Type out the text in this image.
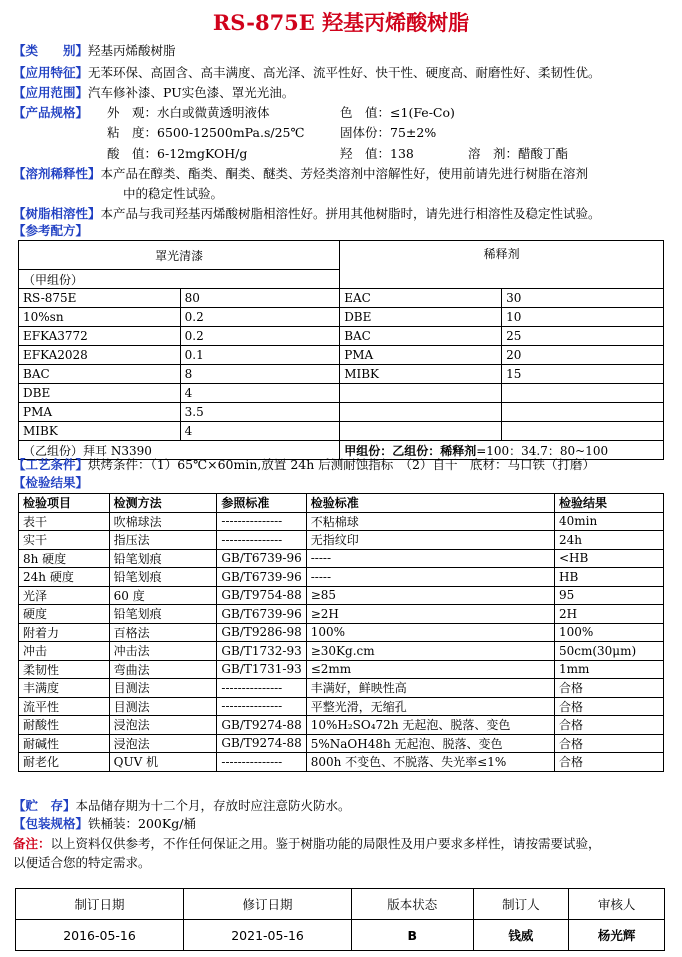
RS-875E 羟基丙烯酸树脂
【类　　别】羟基丙烯酸树脂
【应用特征】无苯环保、高固含、高丰满度、高光泽、流平性好、快干性、硬度高、耐磨性好、柔韧性优。
【应用范围】汽车修补漆、PU实色漆、罩光光油。
【产品规格】 外　观：水白或微黄透明液体	色　值：≤1(Fe-Co)
粘　度：6500-12500mPa.s/25℃	固体份：75±2%
酸　值：6-12mgKOH/g	羟　值：138	溶　剂：醋酸丁酯
【溶剂稀释性】本产品在醇类、酯类、酮类、醚类、芳烃类溶剂中溶解性好，使用前请先进行树脂在溶剂
中的稳定性试验。
【树脂相溶性】本产品与我司羟基丙烯酸树脂相溶性好。拼用其他树脂时，请先进行相溶性及稳定性试验。
【参考配方】
罩光清漆		稀释剂	
（甲组份）			
RS-875E	80	EAC	30
10%sn	0.2	DBE	10
EFKA3772	0.2	BAC	25
EFKA2028	0.1	PMA	20
BAC	8	MIBK	15
DBE	4		
PMA	3.5		
MIBK	4		
（乙组份）拜耳 N3390		甲组份：乙组份：稀释剂=100：34.7：80~100	
【工艺条件】烘烤条件：（1）65℃×60min,放置 24h 后测耐蚀指标　（2）自干　底材：马口铁（打磨）
【检验结果】
检验项目	检测方法	参照标准	检验标准	检验结果
表干	吹棉球法	---------------	不粘棉球	40min
实干	指压法	---------------	无指纹印	24h
8h 硬度	铅笔划痕	GB/T6739-96	-----	<HB
24h 硬度	铅笔划痕	GB/T6739-96	-----	HB
光泽	60 度	GB/T9754-88	≥85	95
硬度	铅笔划痕	GB/T6739-96	≥2H	2H
附着力	百格法	GB/T9286-98	100%	100%
冲击	冲击法	GB/T1732-93	≥30Kg.cm	50cm(30μm)
柔韧性	弯曲法	GB/T1731-93	≤2mm	1mm
丰满度	目测法	---------------	丰满好，鲜映性高	合格
流平性	目测法	---------------	平整光滑，无缩孔	合格
耐酸性	浸泡法	GB/T9274-88	10%H₂SO₄72h 无起泡、脱落、变色	合格
耐碱性	浸泡法	GB/T9274-88	5%NaOH48h 无起泡、脱落、变色	合格
耐老化	QUV 机	---------------	800h 不变色、不脱落、失光率≤1%	合格
【贮　存】本品储存期为十二个月，存放时应注意防火防水。
【包装规格】铁桶装：200Kg/桶
备注：以上资料仅供参考，不作任何保证之用。鉴于树脂功能的局限性及用户要求多样性，请按需要试验，
以便适合您的特定需求。
制订日期	修订日期	版本状态	制订人	审核人
2016-05-16	2021-05-16	B	钱威	杨光辉
